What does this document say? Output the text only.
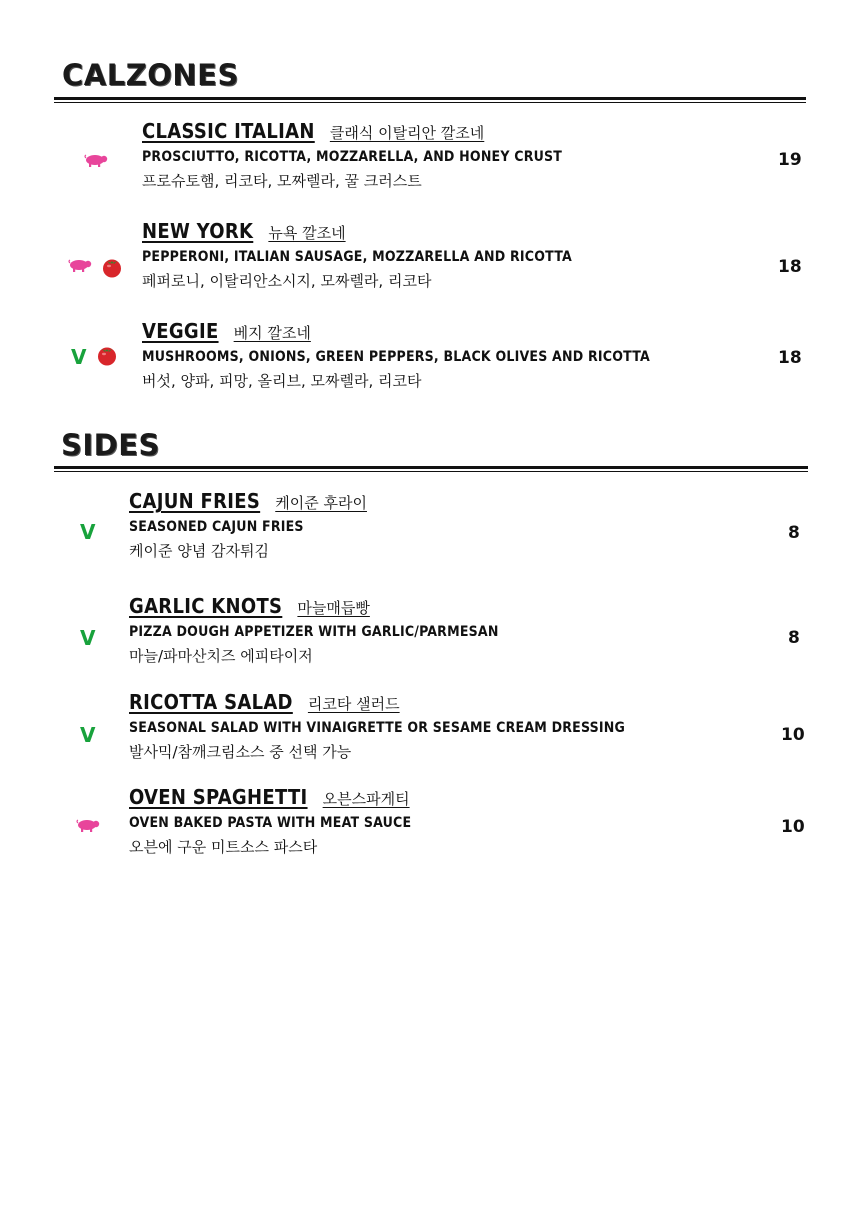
CALZONES
CLASSIC ITALIAN 클래식 이탈리안 깔조네
PROSCIUTTO, RICOTTA, MOZZARELLA, AND HONEY CRUST
프로슈토햄, 리코타, 모짜렐라, 꿀 크러스트
19
NEW YORK 뉴욕 깔조네
PEPPERONI, ITALIAN SAUSAGE, MOZZARELLA AND RICOTTA
페퍼로니, 이탈리안소시지, 모짜렐라, 리코타
18
V
VEGGIE 베지 깔조네
MUSHROOMS, ONIONS, GREEN PEPPERS, BLACK OLIVES AND RICOTTA
버섯, 양파, 피망, 올리브, 모짜렐라, 리코타
18
SIDES
V
CAJUN FRIES 케이준 후라이
SEASONED CAJUN FRIES
케이준 양념 감자튀김
8
V
GARLIC KNOTS 마늘매듭빵
PIZZA DOUGH APPETIZER WITH GARLIC/PARMESAN
마늘/파마산치즈 에피타이저
8
V
RICOTTA SALAD 리코타 샐러드
SEASONAL SALAD WITH VINAIGRETTE OR SESAME CREAM DRESSING
발사믹/참깨크림소스 중 선택 가능
10
OVEN SPAGHETTI 오븐스파게티
OVEN BAKED PASTA WITH MEAT SAUCE
오븐에 구운 미트소스 파스타
10
